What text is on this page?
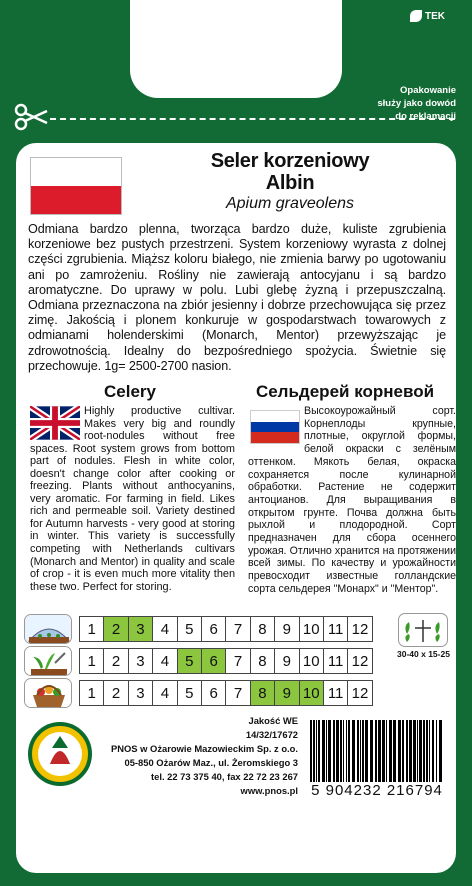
TEK
Opakowanie
służy jako dowód
do reklamacji
Seler korzeniowy
Albin
Apium graveolens
Odmiana bardzo plenna, tworząca bardzo duże, kuliste zgrubienia korzeniowe bez pustych przestrzeni. System korzeniowy wyrasta z dolnej części zgrubienia. Miąższ koloru białego, nie zmienia barwy po ugotowaniu ani po zamrożeniu. Rośliny nie zawierają antocyjanu i są bardzo aromatyczne. Do uprawy w polu. Lubi glebę żyzną i przepuszczalną. Odmiana przeznaczona na zbiór jesienny i dobrze przechowująca się przez zimę. Jakością i plonem konkuruje w gospodarstwach towarowych z odmianami holenderskimi (Monarch, Mentor) przewyższając je zdrowotnością. Idealny do bezpośredniego spożycia. Świetnie się przechowuje. 1g= 2500-2700 nasion.
Celery	Сельдерей корневой
Highly productive cultivar. Makes very big and roundly root-nodules without free spaces. Root system grows from bottom part of nodules. Flesh in white color, doesn't change color after cooking or freezing. Plants without anthocyanins, very aromatic. For farming in field. Likes rich and permeable soil. Variety destined for Autumn harvests - very good at storing in winter. This variety is successfully competing with Netherlands cultivars (Monarch and Mentor) in quality and scale of crop - it is even much more vitality then these two. Perfect for storing.
Высокоурожайный сорт. Корнеплоды крупные, плотные, округлой формы, белой окраски с зелёным оттенком. Мякоть белая, окраска сохраняется после кулинарной обработки. Растение не содержит антоцианов. Для выращивания в открытом грунте. Почва должна быть рыхлой и плодородной. Сорт предназначен для сбора осеннего урожая. Отлично хранится на протяжении всей зимы. По качеству и урожайности превосходит известные голландские сорта сельдерея "Монарх" и "Ментор".
1	2	3	4	5	6	7	8	9 10 11 12
1	2	3	4	5	6	7	8	9 10 11 12
1	2	3	4	5	6	7	8	9 10 11 12
30-40 x 15-25
Jakość WE
14/32/17672
PNOS w Ożarowie Mazowieckim Sp. z o.o.
05-850 Ożarów Maz., ul. Żeromskiego 3
tel. 22 73 375 40, fax 22 72 23 267
www.pnos.pl 5 904232 216794
